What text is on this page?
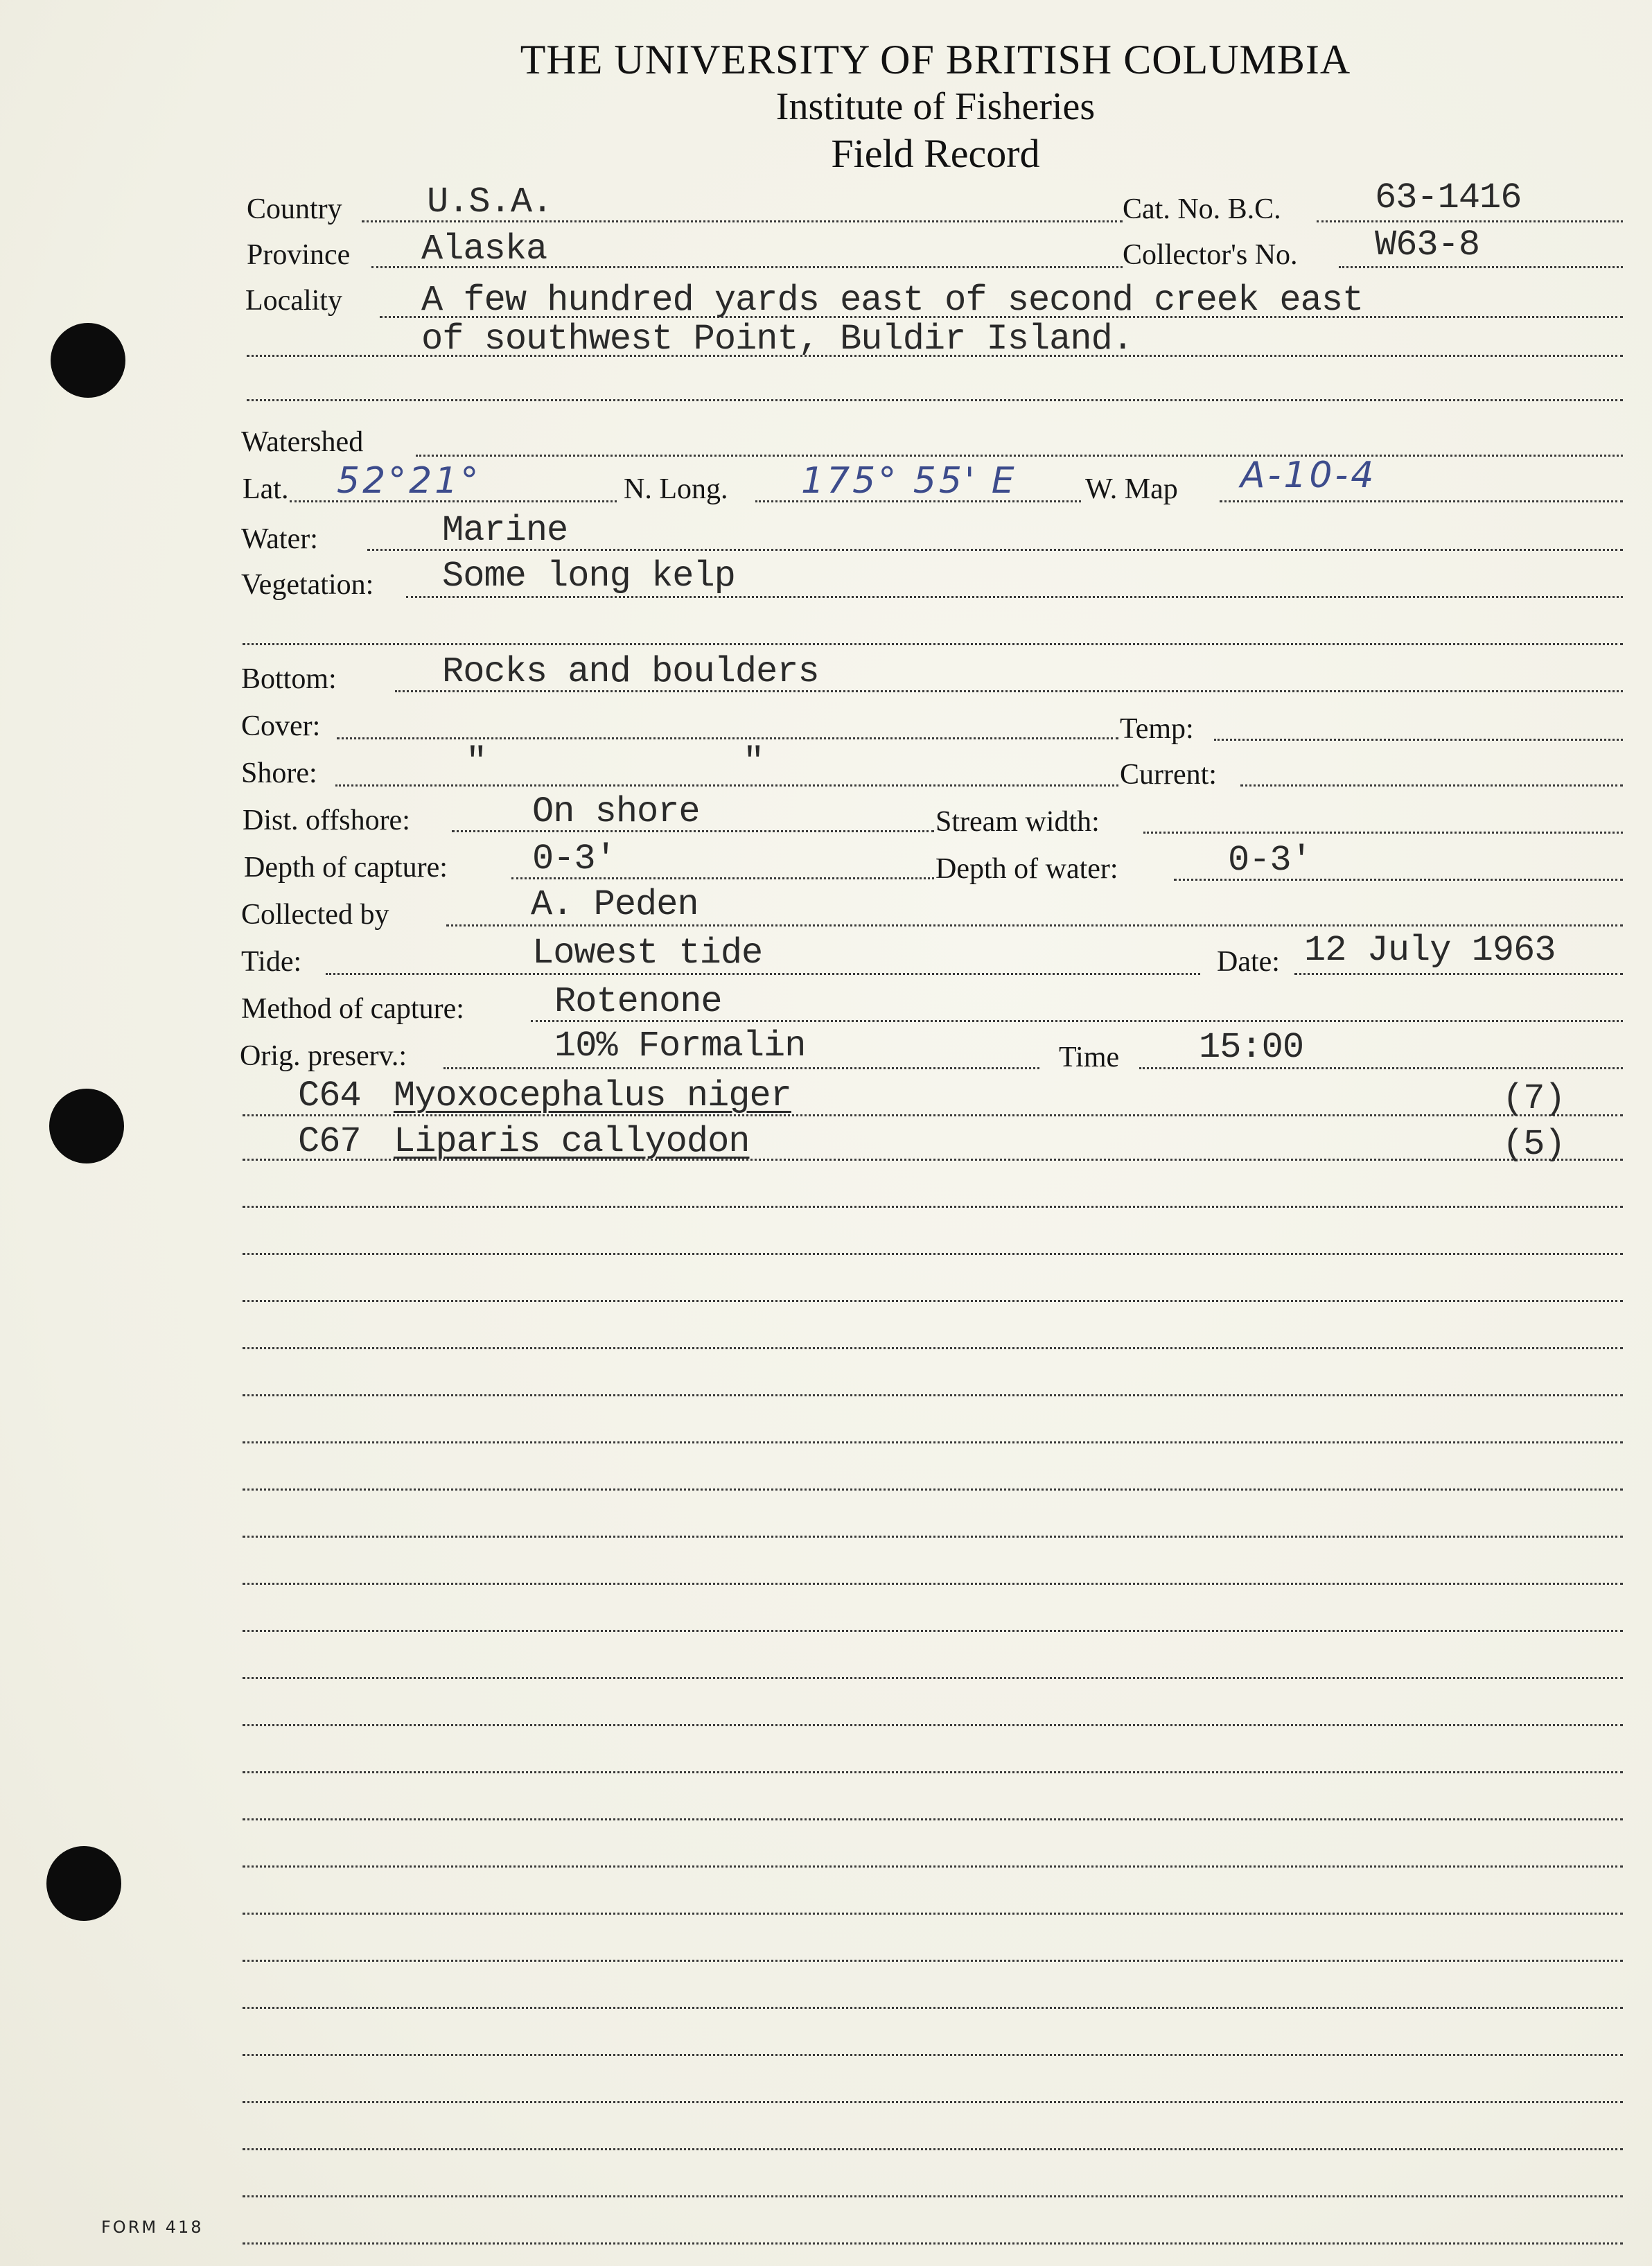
THE UNIVERSITY OF BRITISH COLUMBIA
Institute of Fisheries
Field Record
Country U.S.A.	Cat. No. B.C.	63-1416
Province Alaska	Collector's No. W63-8
Locality A few hundred yards east of second creek east
of southwest Point, Buldir Island.
Watershed
Lat. 52°21°	N. Long. 175° 55' E W. Map A-10-4
Water:	Marine
Vegetation: Some long kelp
Bottom:	Rocks and boulders
Cover:	Temp:
Shore:	"	"	Current:
Dist. offshore:	On shore	Stream width:
Depth of capture: 0-3'	Depth of water:	0-3'
Collected by	A. Peden
Tide:	Lowest tide	Date: 12 July 1963
Method of capture:	Rotenone
Orig. preserv.:	10% Formalin	Time 15:00
C64 Myoxocephalus niger	(7)
C67 Liparis callyodon	(5)
FORM 418
